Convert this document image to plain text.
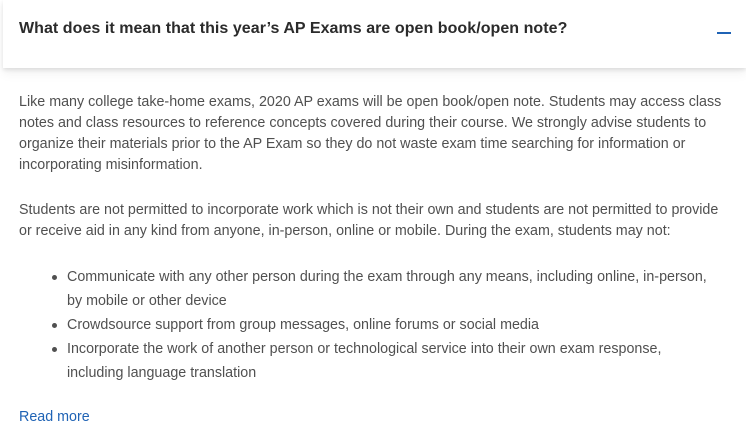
What does it mean that this year’s AP Exams are open book/open note?

Like many college take-home exams, 2020 AP exams will be open book/open note. Students may access class notes and class resources to reference concepts covered during their course. We strongly advise students to organize their materials prior to the AP Exam so they do not waste exam time searching for information or incorporating misinformation.

Students are not permitted to incorporate work which is not their own and students are not permitted to provide or receive aid in any kind from anyone, in-person, online or mobile. During the exam, students may not:

Communicate with any other person during the exam through any means, including online, in-person, by mobile or other device
Crowdsource support from group messages, online forums or social media
Incorporate the work of another person or technological service into their own exam response, including language translation
Read more
